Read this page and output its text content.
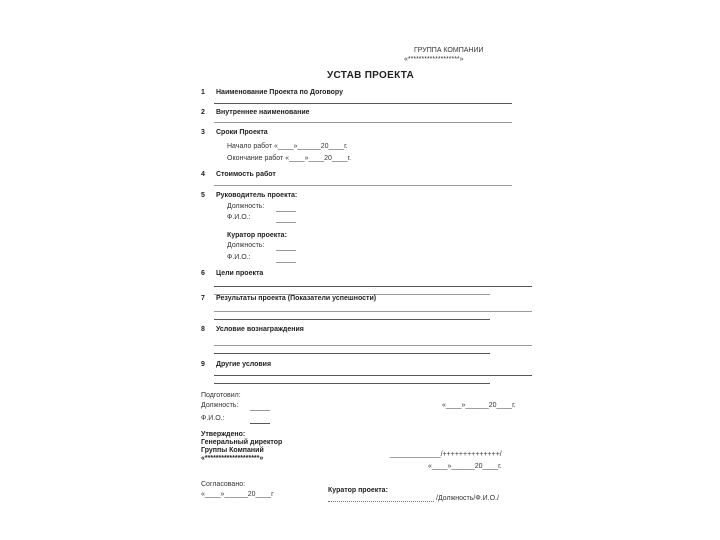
ГРУППА КОМПАНИИ
«*******************»
УСТАВ ПРОЕКТА
1 Наименование Проекта по Договору
2 Внутреннее наименование
3 Сроки Проекта
Начало работ «____»______20____г.
Окончание работ «____»____20____г.
4 Стоимость работ
5 Руководитель проекта:
Должность:
Ф.И.О.:
Куратор проекта:
Должность:
Ф.И.О.:
6 Цели проекта
7 Результаты проекта (Показатели успешности)
8 Условие вознаграждения
9 Другие условия
Подготовил:
Должность:
Ф.И.О.:
«____»______20____г.
Утверждено:
Генеральный директор
Группы Компаний
«********************»
_____________/++++++++++++++/
«____»______20____г.
Согласовано:
«____»______20____г
Куратор проекта:
/Должность/Ф.И.О./
